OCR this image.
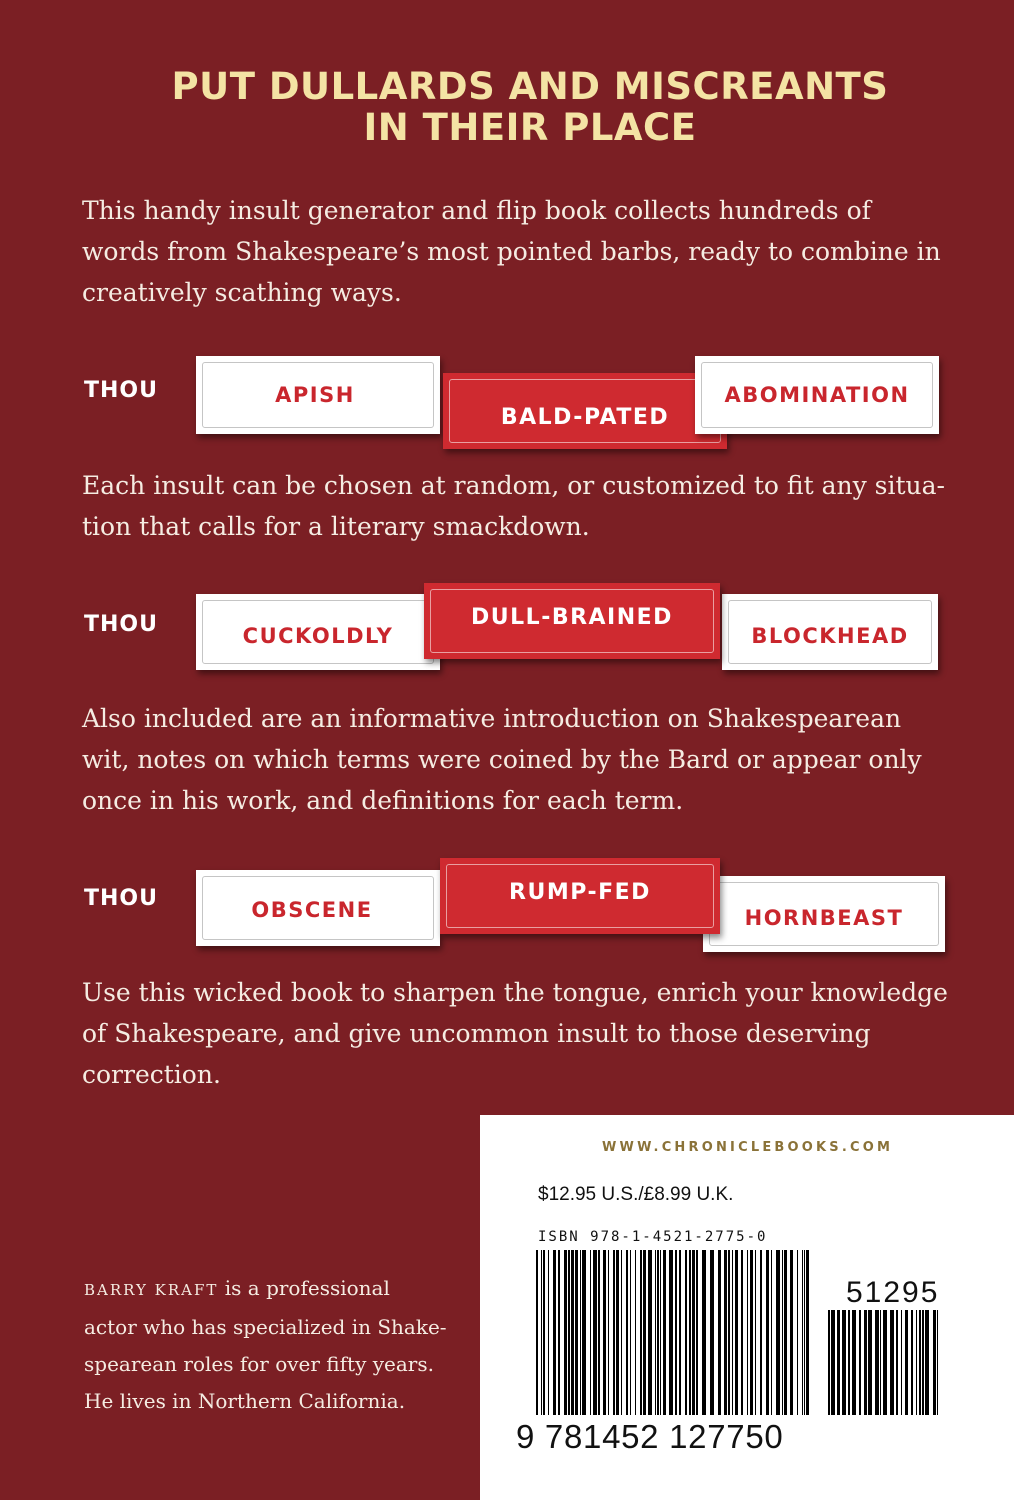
PUT DULLARDS AND MISCREANTS
IN THEIR PLACE
This handy insult generator and flip book collects hundreds of
words from Shakespeare’s most pointed barbs, ready to combine in
creatively scathing ways.
THOU	APISH
BALD-PATED
ABOMINATION
Each insult can be chosen at random, or customized to fit any situa-
tion that calls for a literary smackdown.
THOU	CUCKOLDLY	BLOCKHEAD
DULL-BRAINED
Also included are an informative introduction on Shakespearean
wit, notes on which terms were coined by the Bard or appear only
once in his work, and definitions for each term.
THOU	OBSCENE	HORNBEAST
RUMP-FED
Use this wicked book to sharpen the tongue, enrich your knowledge
of Shakespeare, and give uncommon insult to those deserving
correction.
BARRY KRAFT is a professional
actor who has specialized in Shake-
spearean roles for over fifty years.
He lives in Northern California.
WWW.CHRONICLEBOOKS.COM
$12.95 U.S./£8.99 U.K.
ISBN 978-1-4521-2775-0
9 781452 127750
51295
